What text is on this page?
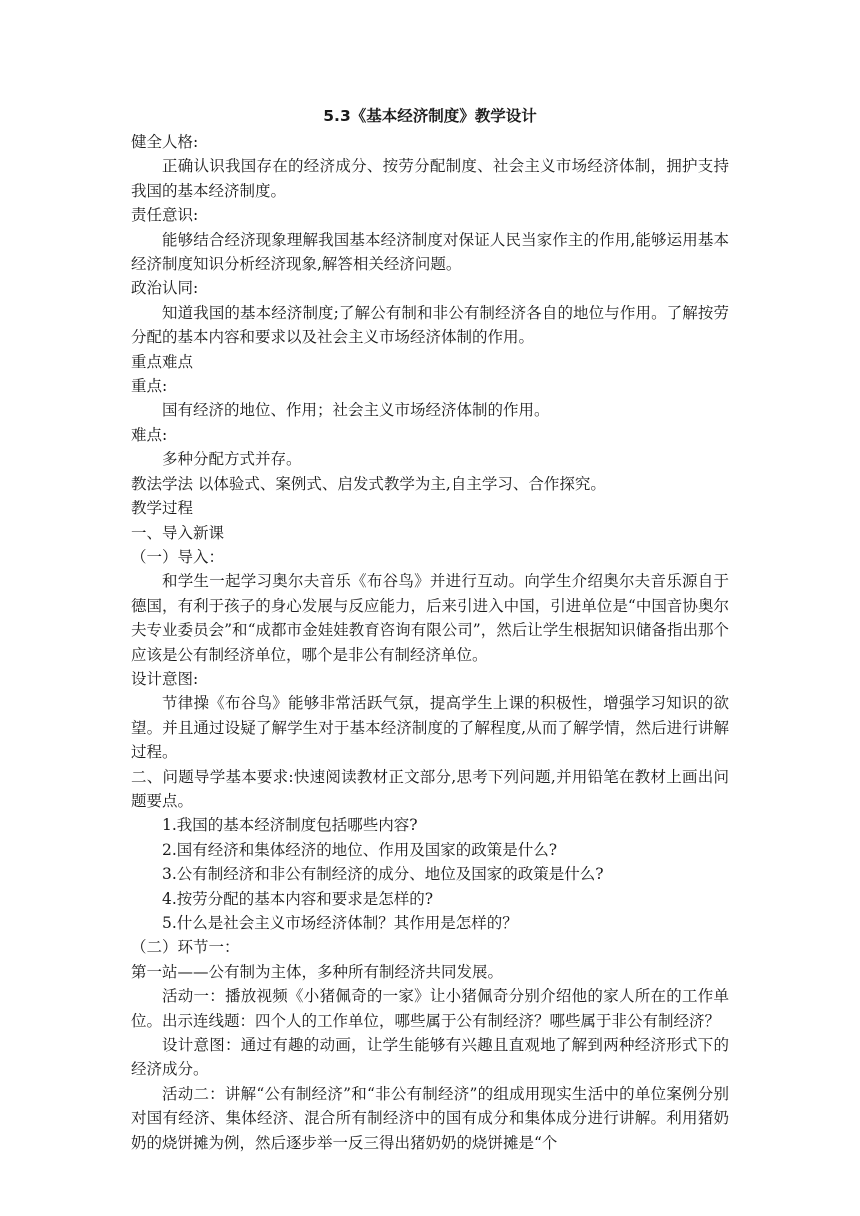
5.3《基本经济制度》教学设计

健全人格:

正确认识我国存在的经济成分、按劳分配制度、社会主义市场经济体制，拥护支持我国的基本经济制度。

责任意识:

能够结合经济现象理解我国基本经济制度对保证人民当家作主的作用,能够运用基本经济制度知识分析经济现象,解答相关经济问题。

政治认同:

知道我国的基本经济制度;了解公有制和非公有制经济各自的地位与作用。了解按劳分配的基本内容和要求以及社会主义市场经济体制的作用。

重点难点

重点:

国有经济的地位、作用；社会主义市场经济体制的作用。

难点:

多种分配方式并存。

教法学法 以体验式、案例式、启发式教学为主,自主学习、合作探究。

教学过程

一、导入新课

（一）导入：

和学生一起学习奥尔夫音乐《布谷鸟》并进行互动。向学生介绍奥尔夫音乐源自于德国，有利于孩子的身心发展与反应能力，后来引进入中国，引进单位是“中国音协奥尔夫专业委员会”和“成都市金娃娃教育咨询有限公司”，然后让学生根据知识储备指出那个应该是公有制经济单位，哪个是非公有制经济单位。

设计意图:

节律操《布谷鸟》能够非常活跃气氛，提高学生上课的积极性，增强学习知识的欲望。并且通过设疑了解学生对于基本经济制度的了解程度,从而了解学情，然后进行讲解过程。

二、问题导学基本要求:快速阅读教材正文部分,思考下列问题,并用铅笔在教材上画出问题要点。

1.我国的基本经济制度包括哪些内容?

2.国有经济和集体经济的地位、作用及国家的政策是什么?

3.公有制经济和非公有制经济的成分、地位及国家的政策是什么?

4.按劳分配的基本内容和要求是怎样的?

5.什么是社会主义市场经济体制？其作用是怎样的？

（二）环节一：

第一站——公有制为主体，多种所有制经济共同发展。

活动一：播放视频《小猪佩奇的一家》让小猪佩奇分别介绍他的家人所在的工作单位。出示连线题：四个人的工作单位，哪些属于公有制经济？哪些属于非公有制经济？

设计意图：通过有趣的动画，让学生能够有兴趣且直观地了解到两种经济形式下的经济成分。

活动二：讲解“公有制经济”和“非公有制经济”的组成用现实生活中的单位案例分别对国有经济、集体经济、混合所有制经济中的国有成分和集体成分进行讲解。利用猪奶奶的烧饼摊为例，然后逐步举一反三得出猪奶奶的烧饼摊是“个
